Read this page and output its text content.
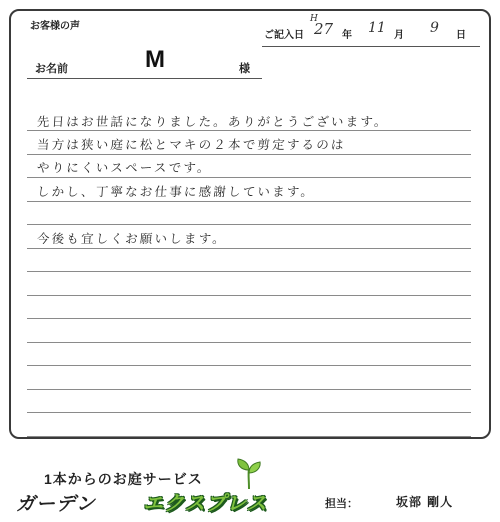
お客様の声
ご記入日
H
27 年 11 月 9 日
お名前	M	様
先日はお世話になりました。ありがとうございます。
当方は狭い庭に松とマキの２本で剪定するのは
やりにくいスペースです。
しかし、丁寧なお仕事に感謝しています。
今後も宜しくお願いします。
1本からのお庭サービス
ガーデン エクスプレス	担当：	坂部 剛人
